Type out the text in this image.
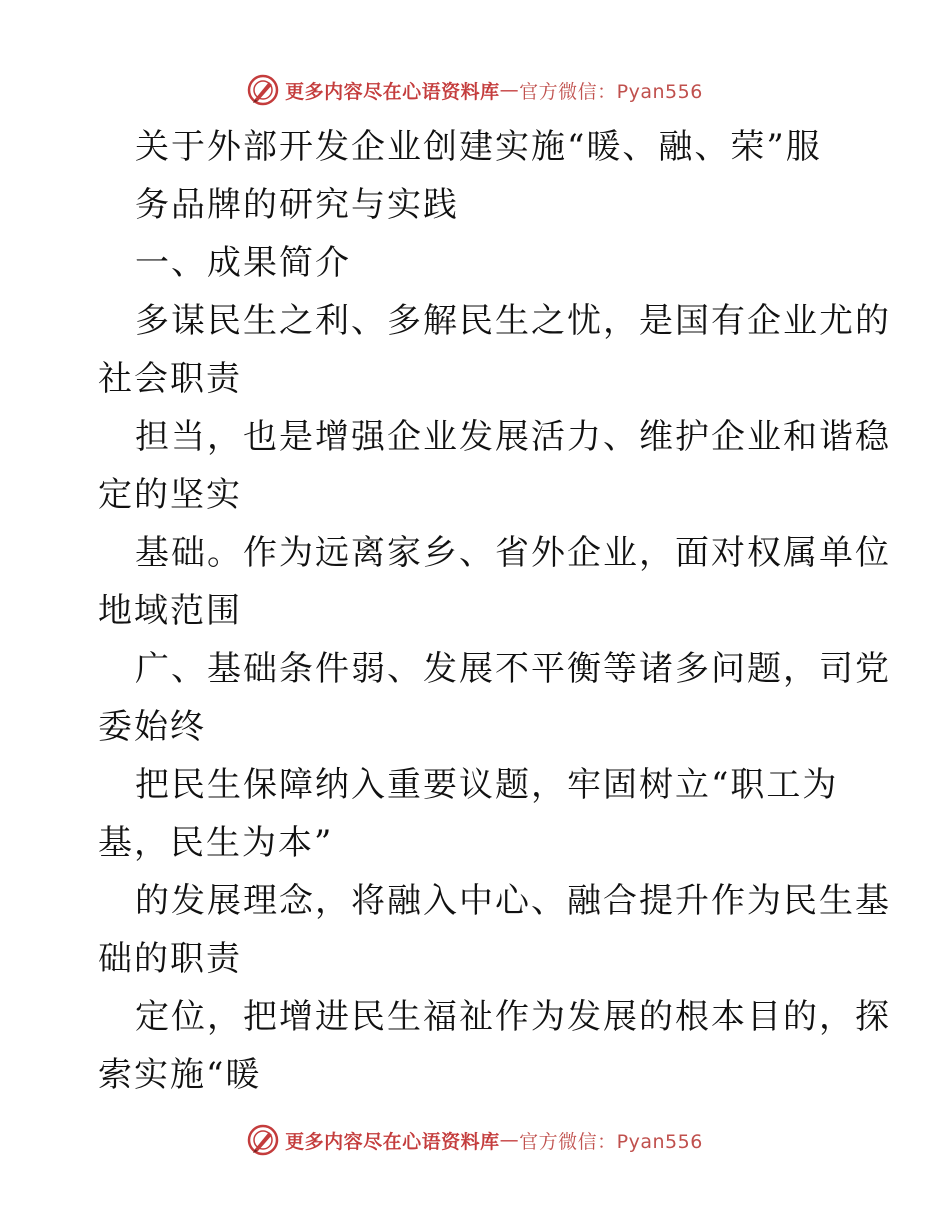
更多内容尽在心语资料库 — 官方微信：Pyan556
关于外部开发企业创建实施“暖、融、荣”服
务品牌的研究与实践
一、成果简介
多谋民生之利、多解民生之忧，是国有企业尤的
社会职责
担当，也是增强企业发展活力、维护企业和谐稳
定的坚实
基础。作为远离家乡、省外企业，面对权属单位
地域范围
广、基础条件弱、发展不平衡等诸多问题，司党
委始终
把民生保障纳入重要议题，牢固树立“职工为
基，民生为本”
的发展理念，将融入中心、融合提升作为民生基
础的职责
定位，把增进民生福祉作为发展的根本目的，探
索实施“暖
更多内容尽在心语资料库 — 官方微信：Pyan556
